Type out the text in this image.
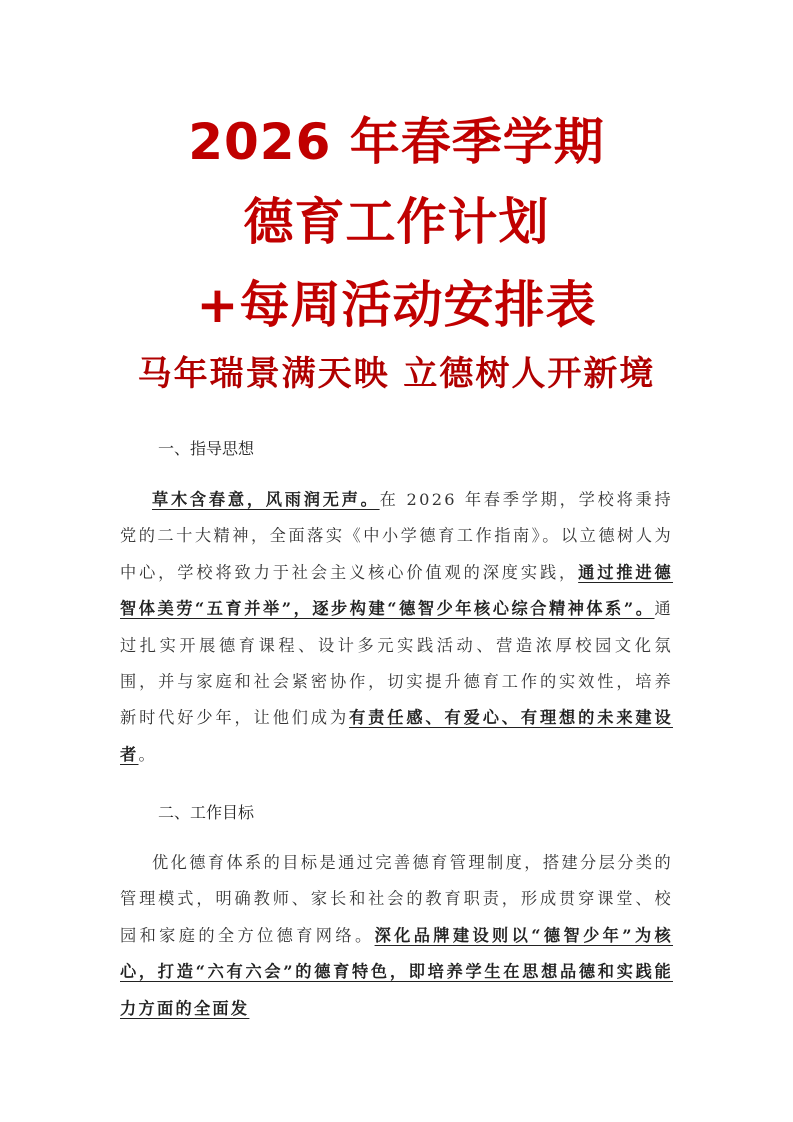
2026 年春季学期
德育工作计划
+每周活动安排表
马年瑞景满天映 立德树人开新境
一、指导思想
草木含春意，风雨润无声。在 2026 年春季学期，学校将秉持党的二十大精神，全面落实《中小学德育工作指南》。以立德树人为中心，学校将致力于社会主义核心价值观的深度实践，通过推进德智体美劳“五育并举”，逐步构建“德智少年核心综合精神体系”。通过扎实开展德育课程、设计多元实践活动、营造浓厚校园文化氛围，并与家庭和社会紧密协作，切实提升德育工作的实效性，培养新时代好少年，让他们成为有责任感、有爱心、有理想的未来建设者。
二、工作目标
优化德育体系的目标是通过完善德育管理制度，搭建分层分类的管理模式，明确教师、家长和社会的教育职责，形成贯穿课堂、校园和家庭的全方位德育网络。深化品牌建设则以“德智少年”为核心，打造“六有六会”的德育特色，即培养学生在思想品德和实践能力方面的全面发
